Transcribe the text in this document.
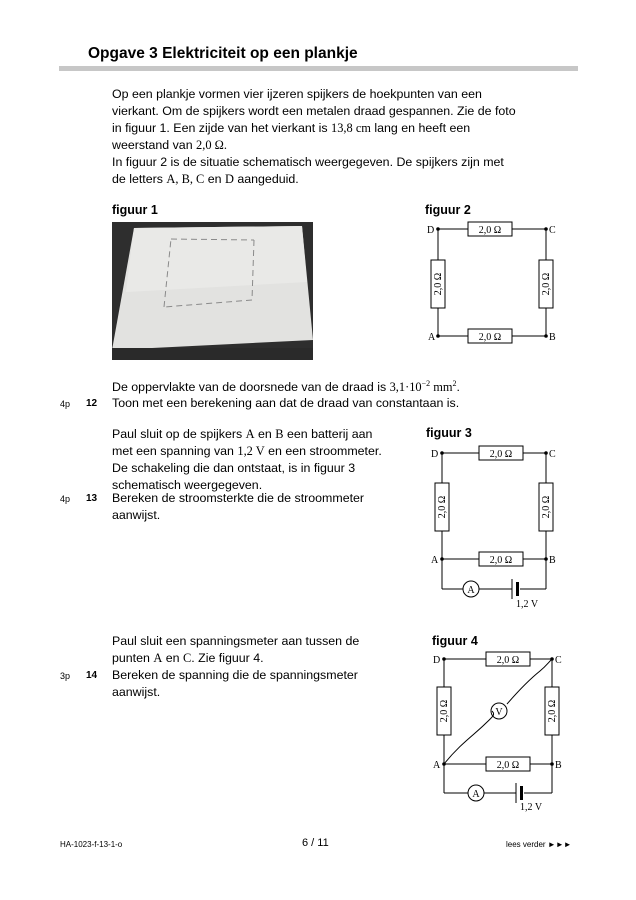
Opgave 3 Elektriciteit op een plankje
Op een plankje vormen vier ijzeren spijkers de hoekpunten van een
vierkant. Om de spijkers wordt een metalen draad gespannen. Zie de foto
in figuur 1. Een zijde van het vierkant is 13,8 cm lang en heeft een
weerstand van 2,0 Ω.
In figuur 2 is de situatie schematisch weergegeven. De spijkers zijn met
de letters A, B, C en D aangeduid.
figuur 1	figuur 2
2,0 Ω
2,0 Ω
2,0 Ω	2,0 Ω
D	C
A	B
De oppervlakte van de doorsnede van de draad is $3,1\cdot 10^{-2}$ $mm^2$.
4p 12 Toon met een berekening aan dat de draad van constantaan is.
Paul sluit op de spijkers A en B een batterij aan
met een spanning van 1,2 V en een stroommeter.
De schakeling die dan ontstaat, is in figuur 3
schematisch weergegeven.
4p 13 Bereken de stroomsterkte die de stroommeter
aanwijst.
figuur 3
2,0 Ω
2,0 Ω
2,0 Ω	2,0 Ω
A
1,2 V
D	C
A	B
Paul sluit een spanningsmeter aan tussen de
punten A en C. Zie figuur 4.
3p 14 Bereken de spanning die de spanningsmeter
aanwijst.
figuur 4
2,0 Ω
2,0 Ω
2,0 Ω	2,0 Ω
V
A
1,2 V
D	C
A	B
HA-1023-f-13-1-o	6 / 11	lees verder ►►►
